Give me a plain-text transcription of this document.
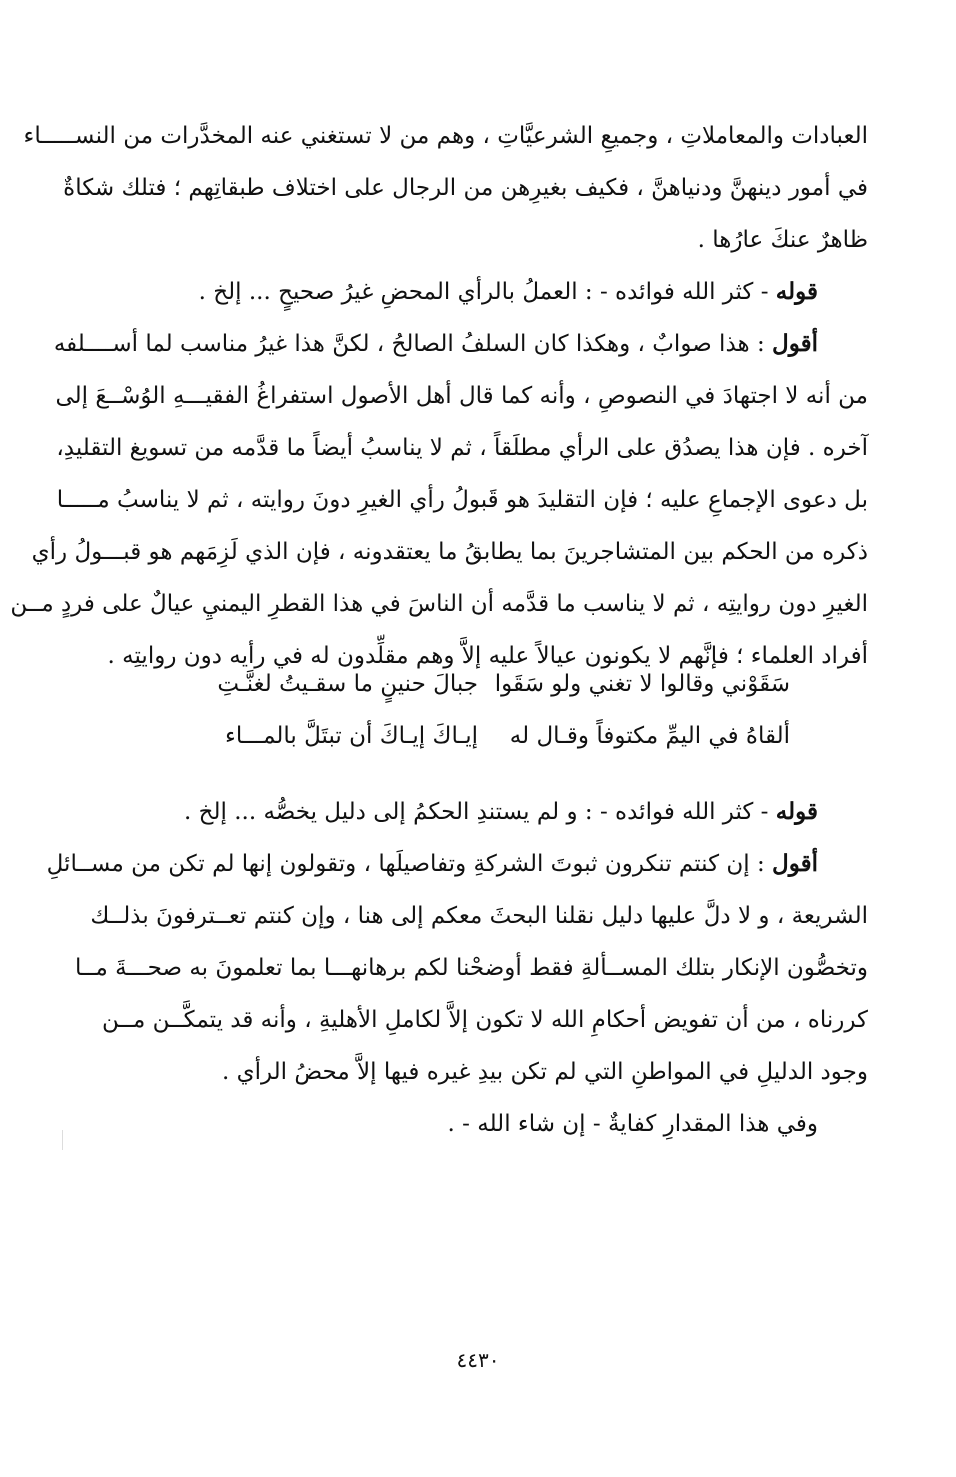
العبادات والمعاملاتِ ، وجميعِ الشرعيَّاتِ ، وهم من لا تستغني عنه المخدَّرات من النســـــاء
في أمور دينهنَّ ودنياهنَّ ، فكيف بغيرِهن من الرجال على اختلاف طبقاتِهم ؛ فتلك شكاةٌ
ظاهرٌ عنكَ عارُها .
قوله - كثر الله فوائده - : العملُ بالرأي المحضِ غيرُ صحيحٍ ... إلخ .
أقول : هذا صوابٌ ، وهكذا كان السلفُ الصالحُ ، لكنَّ هذا غيرُ مناسب لما أســــلفه
من أنه لا اجتهادَ في النصوصِ ، وأنه كما قال أهل الأصول استفراغُ الفقيـــهِ الوُسْــعَ إلى
آخره . فإن هذا يصدُق على الرأي مطلَقاً ، ثم لا يناسبُ أيضاً ما قدَّمه من تسويغ التقليدِ،
بل دعوى الإجماعِ عليه ؛ فإن التقليدَ هو قَبولُ رأي الغيرِ دونَ روايته ، ثم لا يناسبُ مـــــا
ذكره من الحكم بين المتشاجرينَ بما يطابقُ ما يعتقدونه ، فإن الذي لَزِمَهم هو قبـــولُ رأي
الغيرِ دون روايتِه ، ثم لا يناسب ما قدَّمه أن الناسَ في هذا القطرِ اليمنيِ عيالٌ على فردٍ مــن
أفراد العلماء ؛ فإنَّهم لا يكونون عيالاً عليه إلاَّ وهم مقلِّدون له في رأيه دون روايتِه .
قوله - كثر الله فوائده - : و لم يستندِ الحكمُ إلى دليل يخصُّه ... إلخ .
أقول : إن كنتم تنكرون ثبوتَ الشركةِ وتفاصيلَها ، وتقولون إنها لم تكن من مســائلِ
الشريعة ، و لا دلَّ عليها دليل نقلنا البحثَ معكم إلى هنا ، وإن كنتم تعــترفونَ بذلــك
وتخصُّون الإنكار بتلك المســألةِ فقط أوضحْنا لكم برهانهـــا بما تعلمونَ به صحـــةَ مــا
كررناه ، من أن تفويض أحكامِ الله لا تكون إلاَّ لكاملِ الأهليةِ ، وأنه قد يتمكَّــن مــن
وجود الدليلِ في المواطنِ التي لم تكن بيدِ غيره فيها إلاَّ محضُ الرأي .
وفي هذا المقدارِ كفايةٌ - إن شاء الله - .
سَقَوْني وقالوا لا تغني ولو سَقَوا
جبالَ حنينٍ ما سقـيتُ لغنَّـتِ
ألقاهُ في اليمِّ مكتوفاً وقـال له
إيـاكَ إيـاكَ أن تبتَلَّ بالمـــاء
٤٤٣٠
